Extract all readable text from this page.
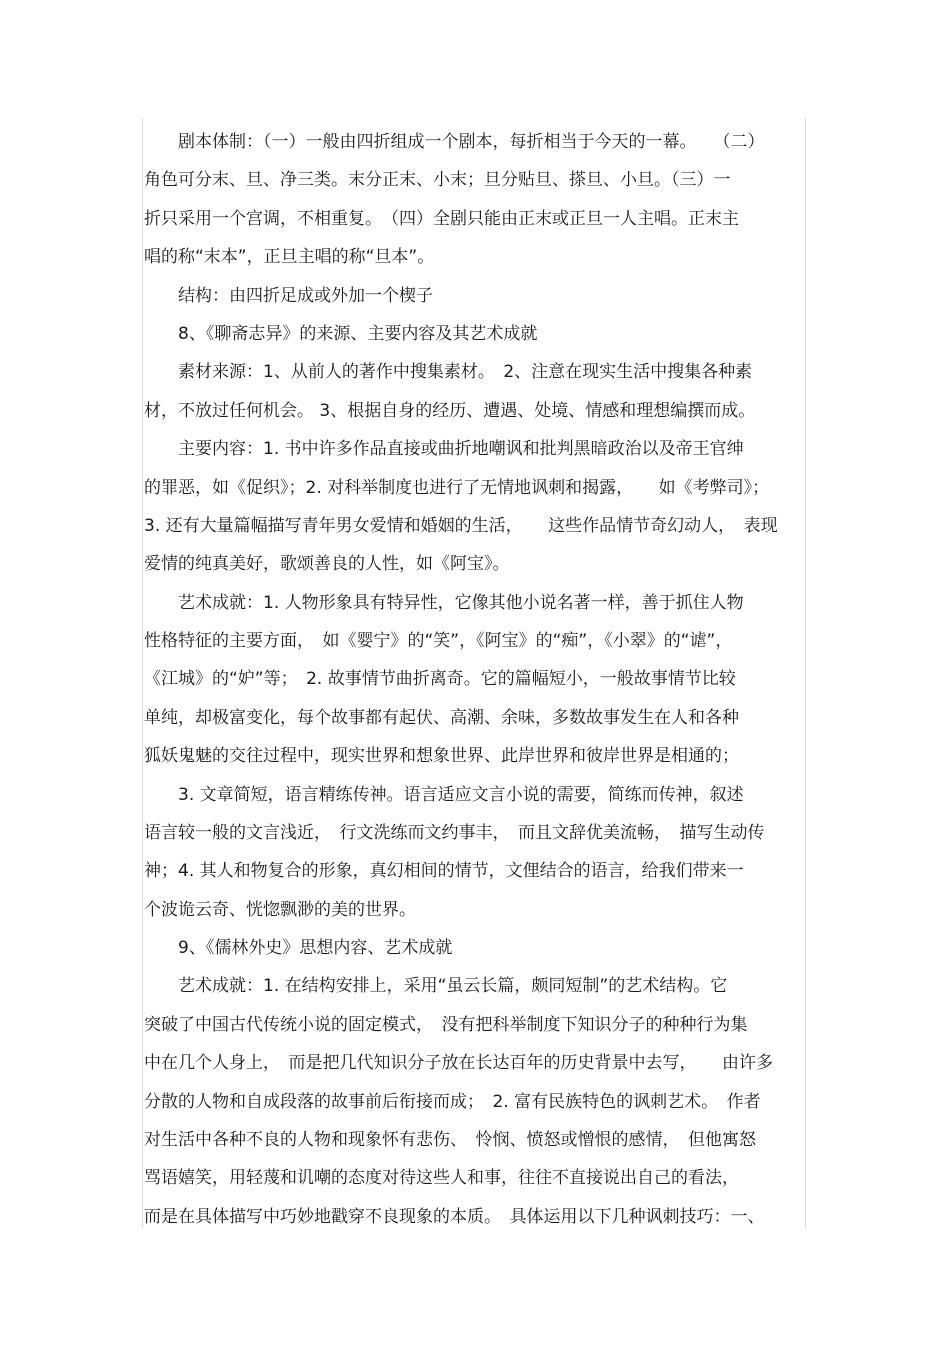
剧本体制：（一）一般由四折组成一个剧本，每折相当于今天的一幕。　　（二）
角色可分末、旦、净三类。末分正末、小末；旦分贴旦、搽旦、小旦。（三）一
折只采用一个宫调，不相重复。　（四）全剧只能由正末或正旦一人主唱。正末主
唱的称“末本”，正旦主唱的称“旦本”。
结构：由四折足成或外加一个楔子
8、《聊斋志异》的来源、主要内容及其艺术成就
素材来源：1、从前人的著作中搜集素材。　2、注意在现实生活中搜集各种素
材，不放过任何机会。 3、根据自身的经历、遭遇、处境、情感和理想编撰而成。
主要内容：1. 书中许多作品直接或曲折地嘲讽和批判黑暗政治以及帝王官绅
的罪恶，如《促织》；2. 对科举制度也进行了无情地讽刺和揭露，　　如《考弊司》；
3. 还有大量篇幅描写青年男女爱情和婚姻的生活，　　这些作品情节奇幻动人，　表现
爱情的纯真美好，歌颂善良的人性，如《阿宝》。
艺术成就：1. 人物形象具有特异性，它像其他小说名著一样，善于抓住人物
性格特征的主要方面，　如《婴宁》的“笑”，《阿宝》的“痴”，《小翠》的“谑”，
《江城》的“妒”等；　2. 故事情节曲折离奇。它的篇幅短小，一般故事情节比较
单纯，却极富变化，每个故事都有起伏、高潮、余味，多数故事发生在人和各种
狐妖鬼魅的交往过程中，现实世界和想象世界、此岸世界和彼岸世界是相通的；
3. 文章简短，语言精练传神。语言适应文言小说的需要，简练而传神，叙述
语言较一般的文言浅近，　行文洗练而文约事丰，　而且文辞优美流畅，　描写生动传
神；4. 其人和物复合的形象，真幻相间的情节，文俚结合的语言，给我们带来一
个波诡云奇、恍惚飘渺的美的世界。
9、《儒林外史》思想内容、艺术成就
艺术成就：1. 在结构安排上，采用“虽云长篇，颇同短制”的艺术结构。它
突破了中国古代传统小说的固定模式，　没有把科举制度下知识分子的种种行为集
中在几个人身上，　而是把几代知识分子放在长达百年的历史背景中去写，　　由许多
分散的人物和自成段落的故事前后衔接而成；　2. 富有民族特色的讽刺艺术。　作者
对生活中各种不良的人物和现象怀有悲伤、　怜悯、愤怒或憎恨的感情，　但他寓怒
骂语嬉笑，用轻蔑和讥嘲的态度对待这些人和事，往往不直接说出自己的看法，
而是在具体描写中巧妙地戳穿不良现象的本质。　具体运用以下几种讽刺技巧：一、
